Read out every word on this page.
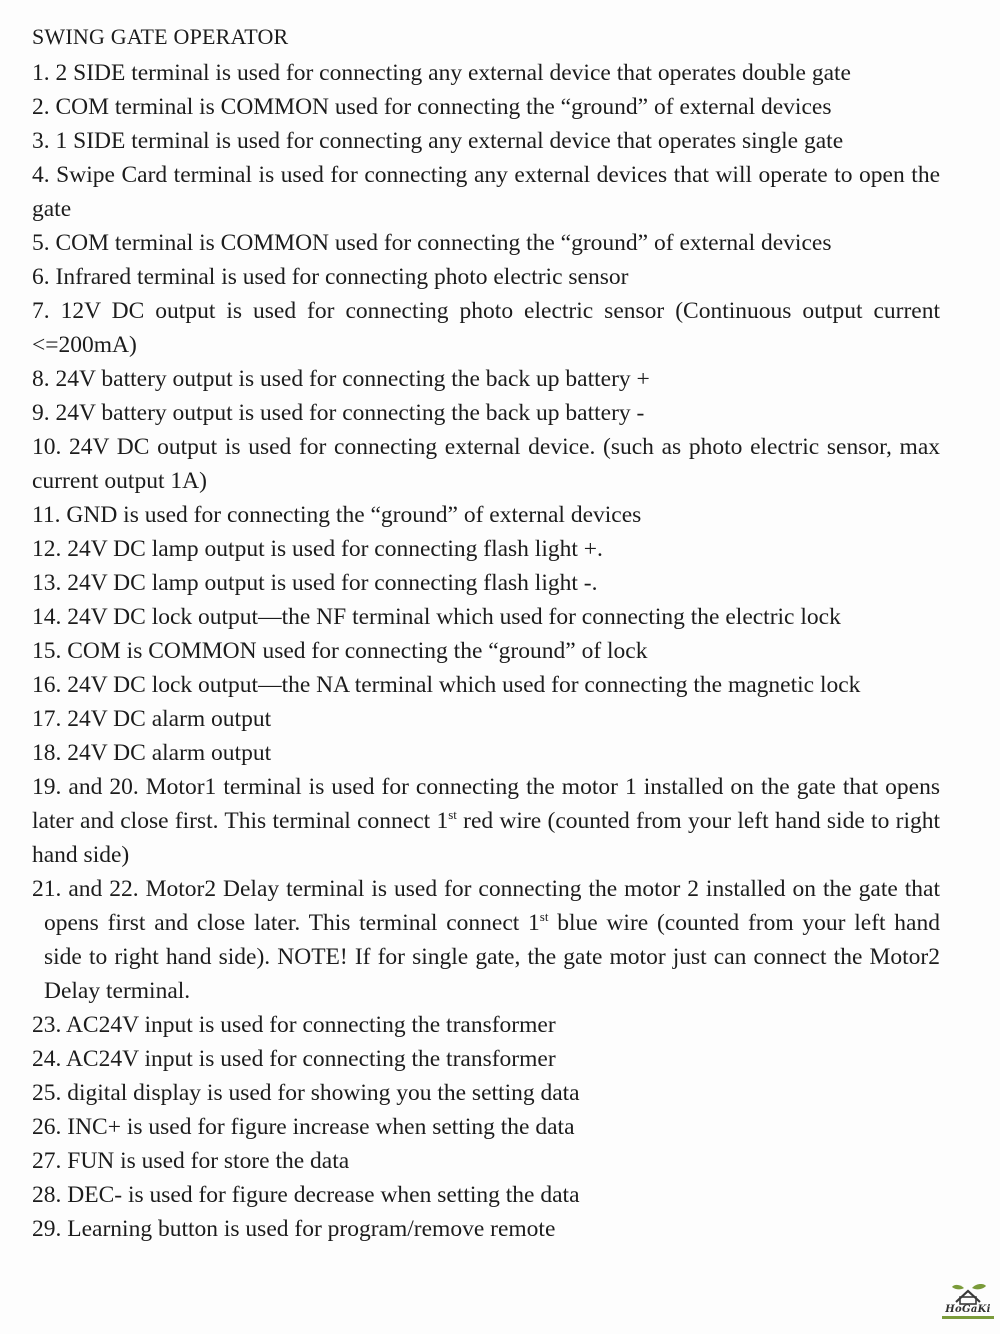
SWING GATE OPERATOR

1. 2 SIDE terminal is used for connecting any external device that operates double gate

2. COM terminal is COMMON used for connecting the “ground” of external devices

3. 1 SIDE terminal is used for connecting any external device that operates single gate

4. Swipe Card terminal is used for connecting any external devices that will operate to open the gate

5. COM terminal is COMMON used for connecting the “ground” of external devices

6. Infrared terminal is used for connecting photo electric sensor

7. 12V DC output is used for connecting photo electric sensor (Continuous output current <=200mA)

8. 24V battery output is used for connecting the back up battery +

9. 24V battery output is used for connecting the back up battery -

10. 24V DC output is used for connecting external device. (such as photo electric sensor, max current output 1A)

11. GND is used for connecting the “ground” of external devices

12. 24V DC lamp output is used for connecting flash light +.

13. 24V DC lamp output is used for connecting flash light -.

14. 24V DC lock output—the NF terminal which used for connecting the electric lock

15. COM is COMMON used for connecting the “ground” of lock

16. 24V DC lock output—the NA terminal which used for connecting the magnetic lock

17. 24V DC alarm output

18. 24V DC alarm output

19. and 20. Motor1 terminal is used for connecting the motor 1 installed on the gate that opens later and close first. This terminal connect 1st red wire (counted from your left hand side to right hand side)

21. and 22. Motor2 Delay terminal is used for connecting the motor 2 installed on the gate that opens first and close later. This terminal connect 1st blue wire (counted from your left hand side to right hand side). NOTE! If for single gate, the gate motor just can connect the Motor2 Delay terminal.

23. AC24V input is used for connecting the transformer

24. AC24V input is used for connecting the transformer

25. digital display is used for showing you the setting data

26. INC+ is used for figure increase when setting the data

27. FUN is used for store the data

28. DEC- is used for figure decrease when setting the data

29. Learning button is used for program/remove remote

HoGaKi
